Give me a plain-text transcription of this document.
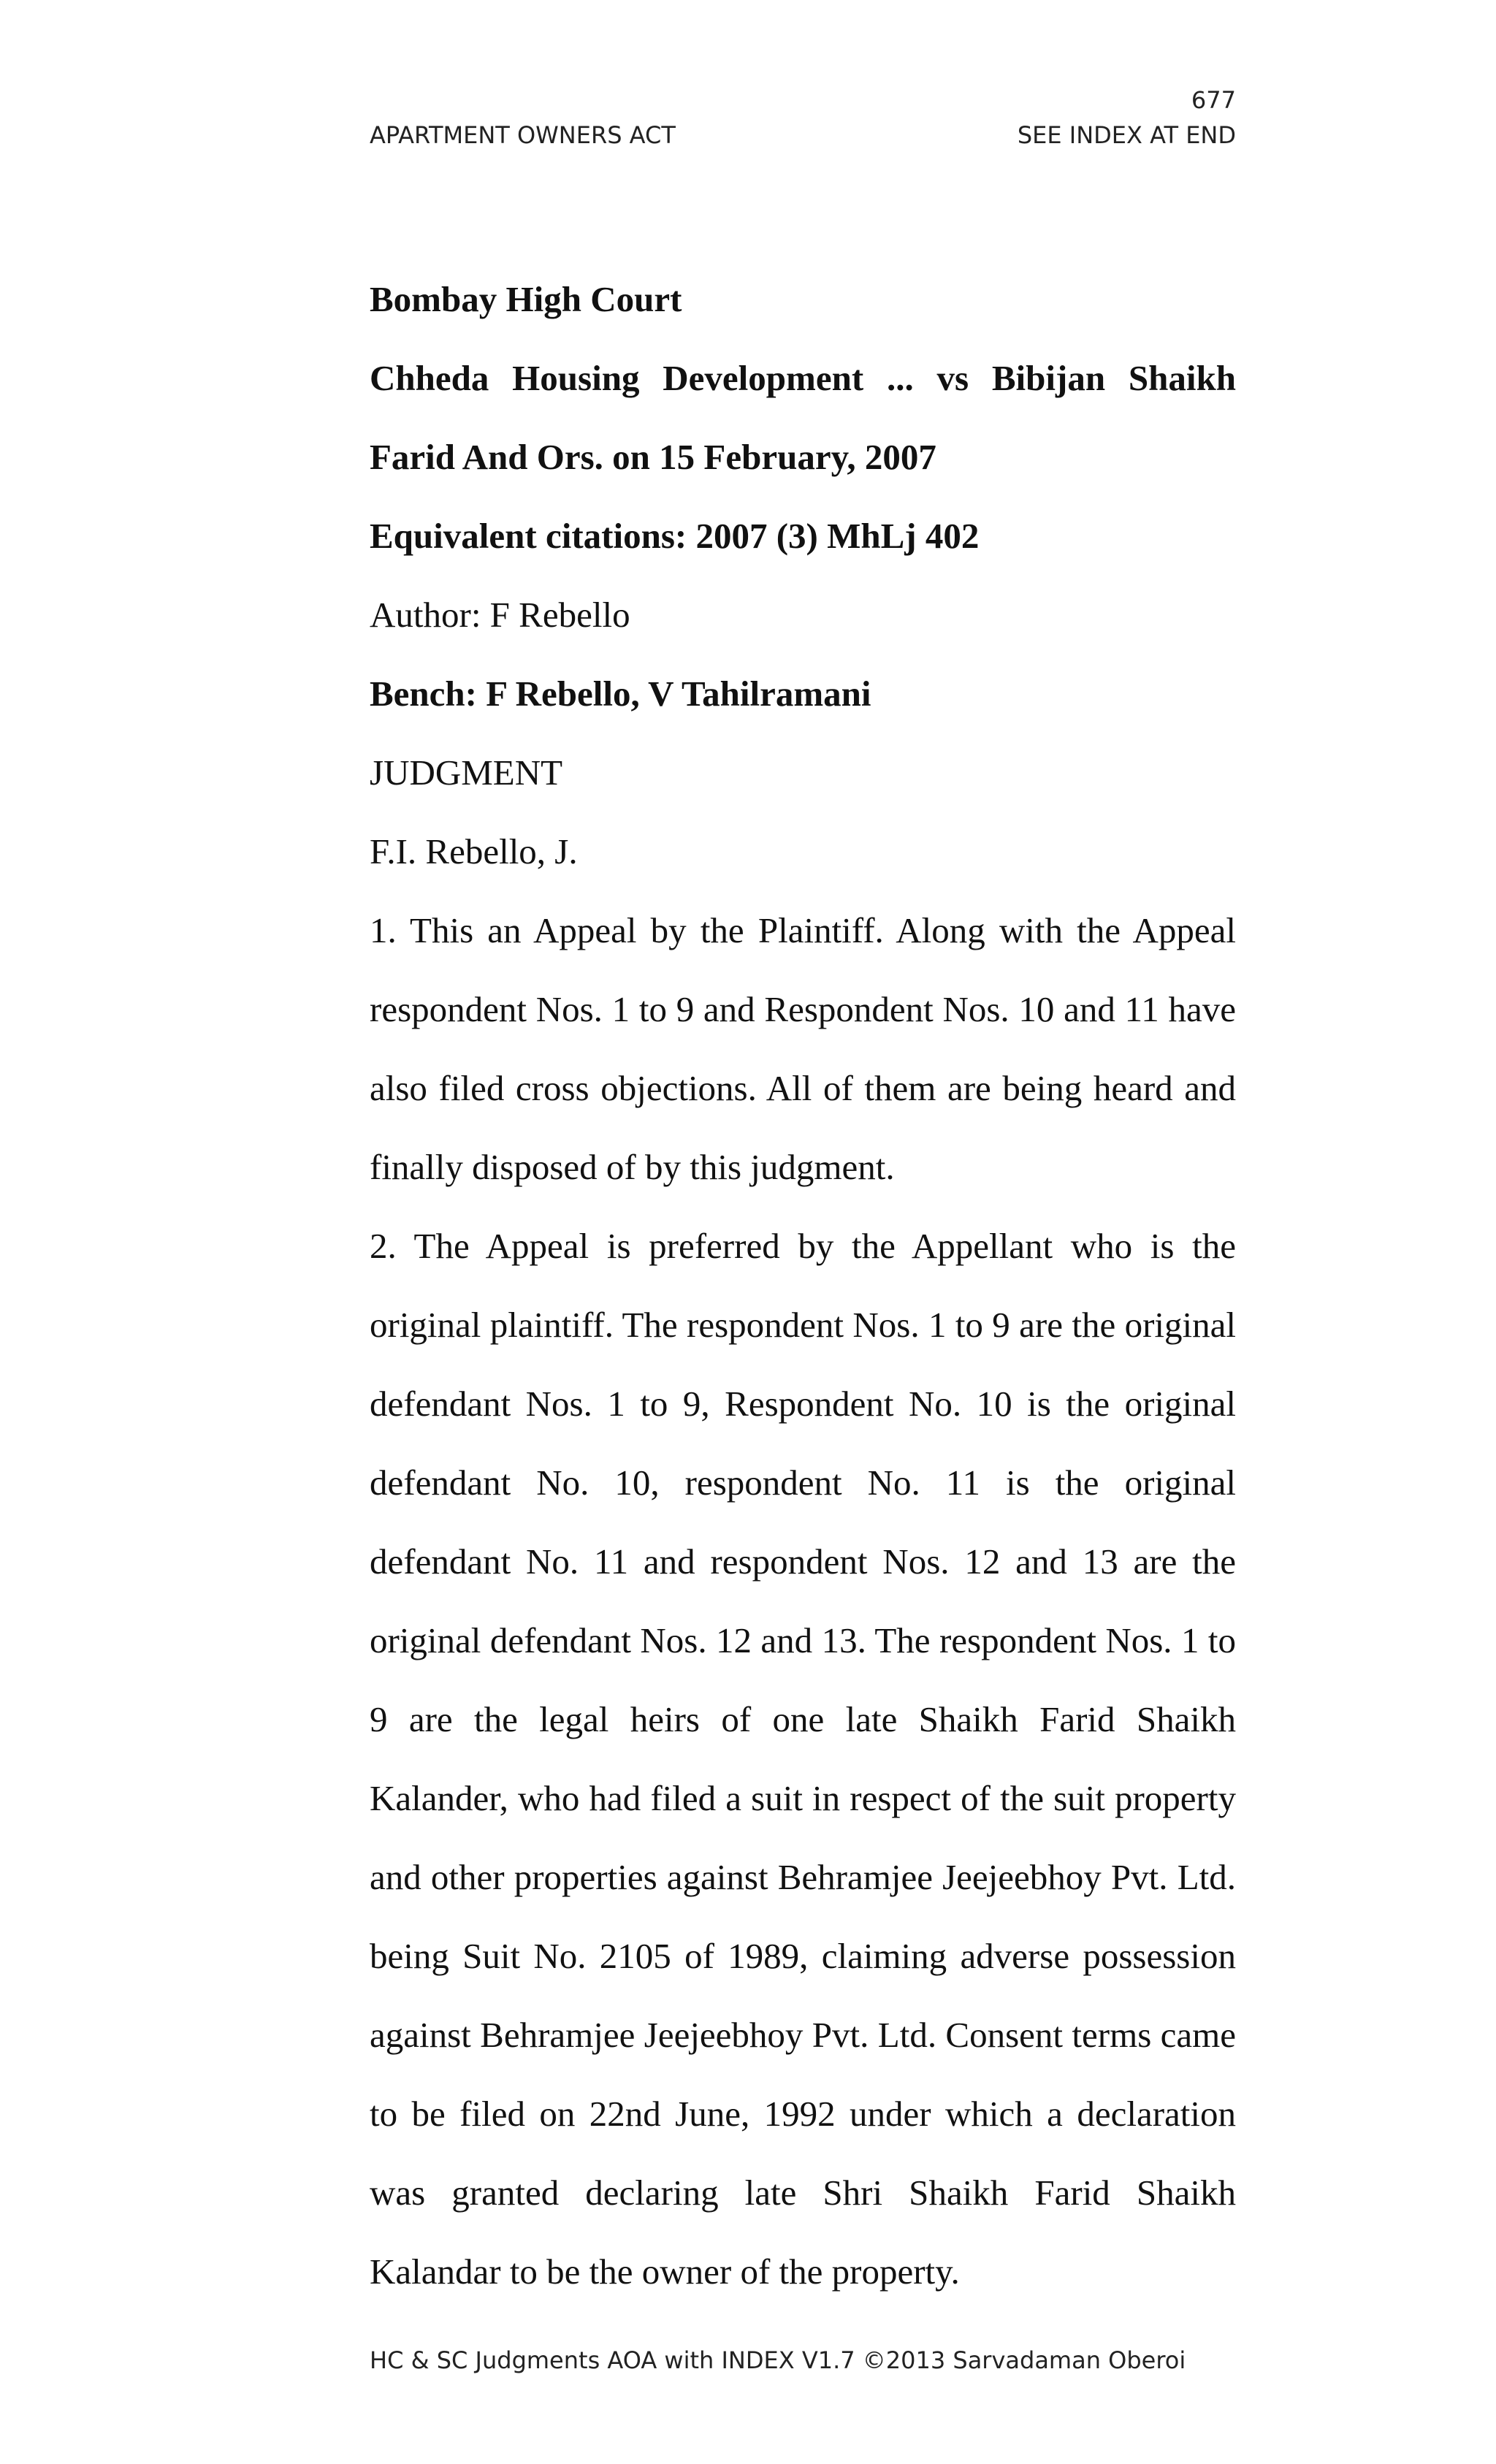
677
APARTMENT OWNERS ACT	SEE INDEX AT END

Bombay High Court

Chheda Housing Development ... vs Bibijan Shaikh Farid And Ors. on 15 February, 2007

Equivalent citations: 2007 (3) MhLj 402

Author: F Rebello

Bench: F Rebello, V Tahilramani

JUDGMENT

F.I. Rebello, J.

1. This an Appeal by the Plaintiff. Along with the Appeal respondent Nos. 1 to 9 and Respondent Nos. 10 and 11 have also filed cross objections. All of them are being heard and finally disposed of by this judgment.

2. The Appeal is preferred by the Appellant who is the original plaintiff. The respondent Nos. 1 to 9 are the original defendant Nos. 1 to 9, Respondent No. 10 is the original defendant No. 10, respondent No. 11 is the original defendant No. 11 and respondent Nos. 12 and 13 are the original defendant Nos. 12 and 13. The respondent Nos. 1 to 9 are the legal heirs of one late Shaikh Farid Shaikh Kalander, who had filed a suit in respect of the suit property and other properties against Behramjee Jeejeebhoy Pvt. Ltd. being Suit No. 2105 of 1989, claiming adverse possession against Behramjee Jeejeebhoy Pvt. Ltd. Consent terms came to be filed on 22nd June, 1992 under which a declaration was granted declaring late Shri Shaikh Farid Shaikh Kalandar to be the owner of the property.

HC & SC Judgments AOA with INDEX V1.7 ©2013 Sarvadaman Oberoi
